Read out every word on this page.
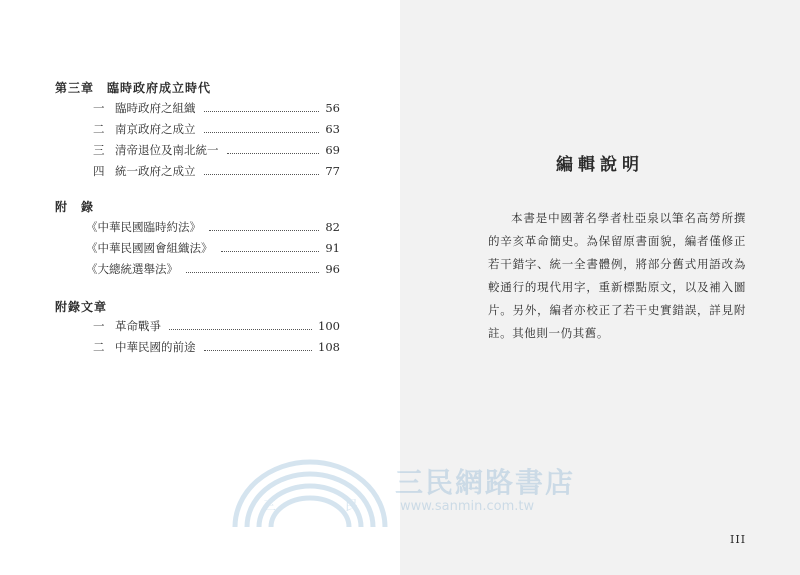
第三章　臨時政府成立時代
一 臨時政府之組織	56
二 南京政府之成立	63
三 清帝退位及南北統一	69
四 統一政府之成立	77
附　錄
《中華民國臨時約法》	82
《中華民國國會組織法》	91
《大總統選舉法》	96
附錄文章
一 革命戰爭	100
二 中華民國的前途	108
編輯說明
本書是中國著名學者杜亞泉以筆名高勞所撰的辛亥革命簡史。為保留原書面貌，編者僅修正若干錯字、統一全書體例，將部分舊式用語改為較通行的現代用字，重新標點原文，以及補入圖片。另外，編者亦校正了若干史實錯誤，詳見附註。其他則一仍其舊。
III
三	民
三民網路書店
www.sanmin.com.tw
